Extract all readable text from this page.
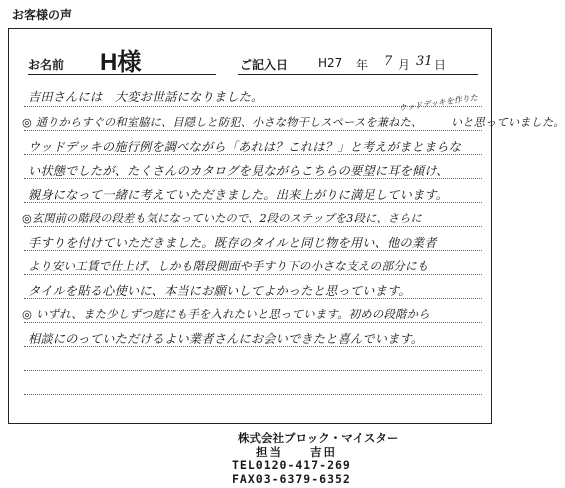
お客様の声
お名前 H様	ご記入日 H27 年 7 月 31 日
吉田さんには　大変お世話になりました。
◎ 通りからすぐの和室脇に、目隠しと防犯、小さな物干しスペースを兼ねた、　　　いと思っていました。
ウッドデッキの施行例を調べながら「あれは？これは？」と考えがまとまらな
い状態でしたが、たくさんのカタログを見ながらこちらの要望に耳を傾け、
親身になって一緒に考えていただきました。出来上がりに満足しています。
◎玄関前の階段の段差も気になっていたので、2段のステップを3段に、さらに
手すりを付けていただきました。既存のタイルと同じ物を用い、他の業者
より安い工賃で仕上げ、しかも階段側面や手すり下の小さな支えの部分にも
タイルを貼る心使いに、本当にお願いしてよかったと思っています。
◎ いずれ、また少しずつ庭にも手を入れたいと思っています。初めの段階から
相談にのっていただけるよい業者さんにお会いできたと喜んでいます。
ウッドデッキを作りた
株式会社ブロック・マイスター
担当　　吉田
TEL0120-417-269
FAX03-6379-6352
